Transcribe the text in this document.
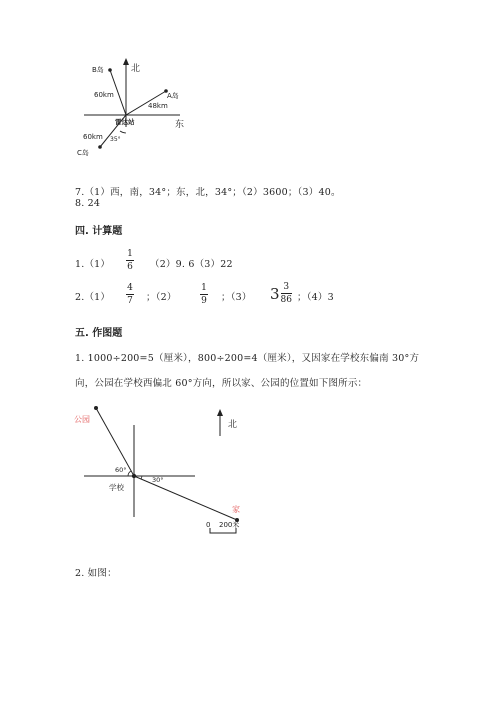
北
B岛
60km	A岛
48km
雷达站	东
60km 35°
C岛
7.（1）西，南，34°；东，北，34°；（2）3600；（3）40。
8. 24
四. 计算题
1.（1）
1
6 （2）9. 6（3）22
2.（1）
4
7 ；（2）
1
9 ；（3） $3 \frac{3}{86}$ ；（4）3
五. 作图题
1. 1000÷200=5（厘米），800÷200=4（厘米），又因家在学校东偏南 30°方
向，公园在学校西偏北 60°方向，所以家、公园的位置如下图所示：
公园
北
60°
30°
学校
家
0 200米
2. 如图：
